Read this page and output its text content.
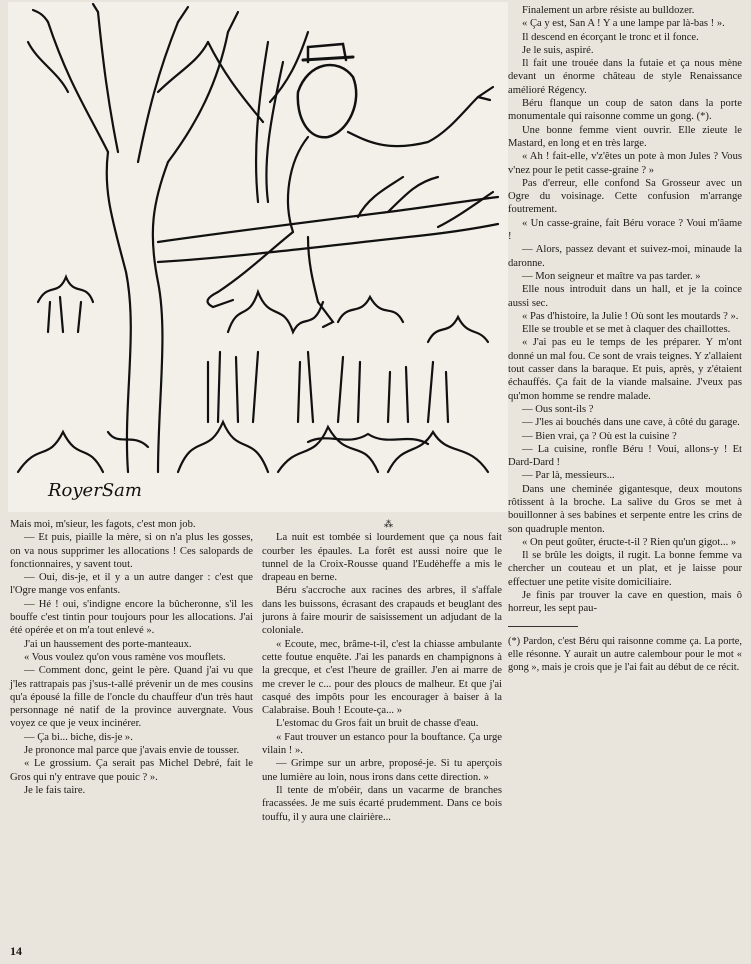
RoyerSam

Mais moi, m'sieur, les fagots, c'est mon job.

— Et puis, piaille la mère, si on n'a plus les gosses, on va nous supprimer les allocations ! Ces salopards de fonctionnaires, y savent tout.

— Oui, dis-je, et il y a un autre danger : c'est que l'Ogre mange vos enfants.

— Hé ! oui, s'indigne encore la bûcheronne, s'il les bouffe c'est tintin pour toujours pour les allocations. J'ai été opérée et on m'a tout enlevé ».

J'ai un haussement des porte-manteaux.

« Vous voulez qu'on vous ramène vos mouflets.

— Comment donc, geint le père. Quand j'ai vu que j'les rattrapais pas j'sus-t-allé prévenir un de mes cousins qu'a épousé la fille de l'oncle du chauffeur d'un très haut personnage né natif de la province auvergnate. Vous voyez ce que je veux incinérer.

— Ça bi... biche, dis-je ».

Je prononce mal parce que j'avais envie de tousser.

« Le grossium. Ça serait pas Michel Debré, fait le Gros qui n'y entrave que pouic ? ».

Je le fais taire.

⁂

La nuit est tombée si lourdement que ça nous fait courber les épaules. La forêt est aussi noire que le tunnel de la Croix-Rousse quand l'Eudèheffe a mis le drapeau en berne.

Béru s'accroche aux racines des arbres, il s'affale dans les buissons, écrasant des crapauds et beuglant des jurons à faire mourir de saisissement un adjudant de la coloniale.

« Ecoute, mec, brâme-t-il, c'est la chiasse ambulante cette foutue enquête. J'ai les panards en champignons à la grecque, et c'est l'heure de grailler. J'en ai marre de me crever le c... pour des ploucs de malheur. Et que j'ai casqué des impôts pour les encourager à baiser à la Calabraise. Bouh ! Ecoute-ça... »

L'estomac du Gros fait un bruit de chasse d'eau.

« Faut trouver un estanco pour la bouftance. Ça urge vilain ! ».

— Grimpe sur un arbre, proposé-je. Si tu aperçois une lumière au loin, nous irons dans cette direction. »

Il tente de m'obéir, dans un vacarme de branches fracassées. Je me suis écarté prudemment. Dans ce bois touffu, il y aura une clairière...

Finalement un arbre résiste au bulldozer.

« Ça y est, San A ! Y a une lampe par là-bas ! ».

Il descend en écorçant le tronc et il fonce.

Je le suis, aspiré.

Il fait une trouée dans la futaie et ça nous mène devant un énorme château de style Renaissance amélioré Régency.

Béru flanque un coup de saton dans la porte monumentale qui raisonne comme un gong. (*).

Une bonne femme vient ouvrir. Elle zieute le Mastard, en long et en très large.

« Ah ! fait-elle, v'z'êtes un pote à mon Jules ? Vous v'nez pour le petit casse-graine ? »

Pas d'erreur, elle confond Sa Grosseur avec un Ogre du voisinage. Cette confusion m'arrange foutrement.

« Un casse-graine, fait Béru vorace ? Voui m'âame !

— Alors, passez devant et suivez-moi, minaude la daronne.

— Mon seigneur et maître va pas tarder. »

Elle nous introduit dans un hall, et je la coince aussi sec.

« Pas d'histoire, la Julie ! Où sont les moutards ? ».

Elle se trouble et se met à claquer des chaillottes.

« J'ai pas eu le temps de les préparer. Y m'ont donné un mal fou. Ce sont de vrais teignes. Y z'allaient tout casser dans la baraque. Et puis, après, y z'étaient échauffés. Ça fait de la viande malsaine. J'veux pas qu'mon homme se rendre malade.

— Ous sont-ils ?

— J'les ai bouchés dans une cave, à côté du garage.

— Bien vrai, ça ? Où est la cuisine ?

— La cuisine, ronfle Béru ! Voui, allons-y ! Et Dard-Dard !

— Par là, messieurs...

Dans une cheminée gigantesque, deux moutons rôtissent à la broche. La salive du Gros se met à bouillonner à ses babines et serpente entre les crins de son quadruple menton.

« On peut goûter, éructe-t-il ? Rien qu'un gigot... »

Il se brûle les doigts, il rugit. La bonne femme va chercher un couteau et un plat, et je laisse pour effectuer une petite visite domiciliaire.

Je finis par trouver la cave en question, mais ô horreur, les sept pau-

(*) Pardon, c'est Béru qui raisonne comme ça. La porte, elle résonne. Y aurait un autre calembour pour le mot « gong », mais je crois que je l'ai fait au début de ce récit.

14
